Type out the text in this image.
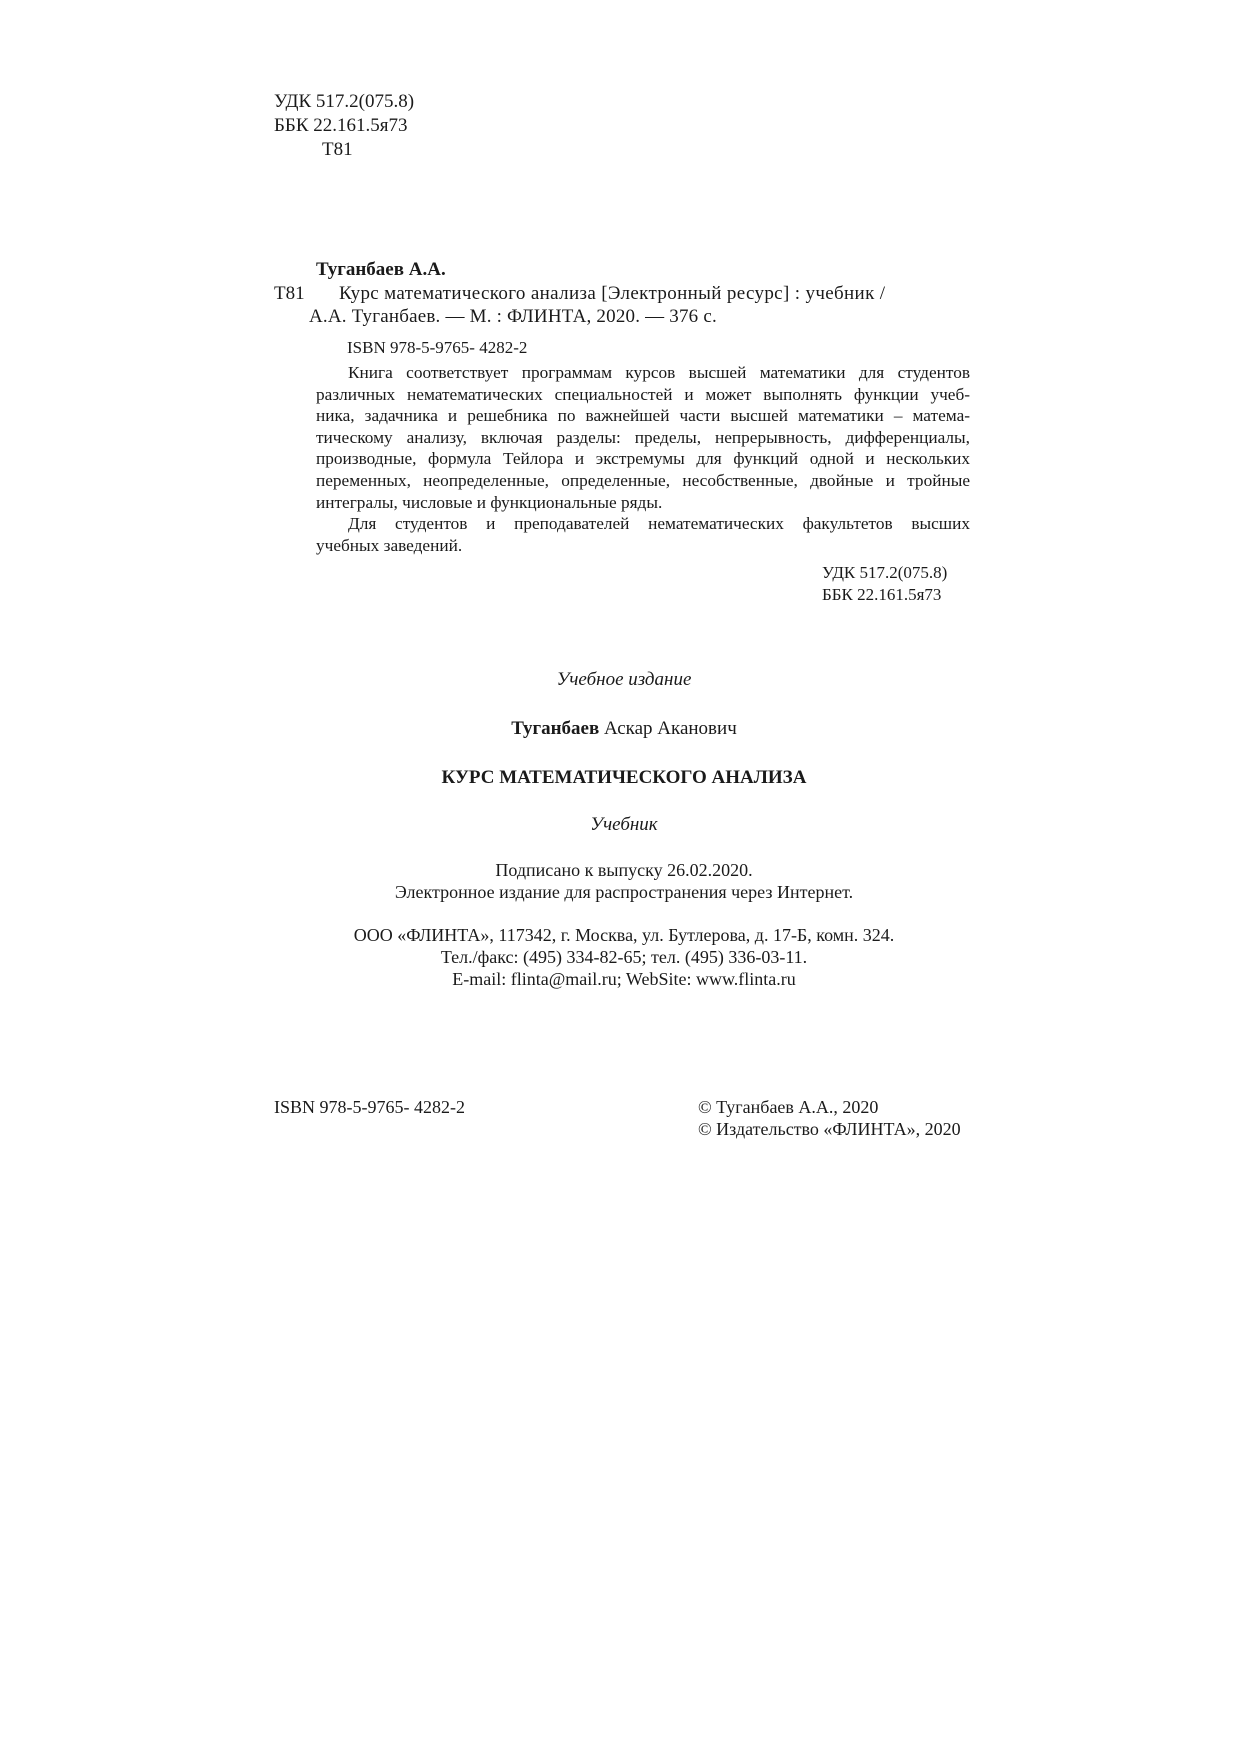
УДК 517.2(075.8)
ББК 22.161.5я73
Т81
Туганбаев А.А.
Т81 Курс математического анализа [Электронный ресурс] : учебник /
А.А. Туганбаев. — М. : ФЛИНТА, 2020. — 376 с.
ISBN 978-5-9765- 4282-2
Книга соответствует программам курсов высшей математики для студентов
различных нематематических специальностей и может выполнять функции учеб-
ника, задачника и решебника по важнейшей части высшей математики – матема-
тическому анализу, включая разделы: пределы, непрерывность, дифференциалы,
производные, формула Тейлора и экстремумы для функций одной и нескольких
переменных, неопределенные, определенные, несобственные, двойные и тройные
интегралы, числовые и функциональные ряды.
Для студентов и преподавателей нематематических факультетов высших
учебных заведений.
УДК 517.2(075.8)
ББК 22.161.5я73
Учебное издание
Туганбаев Аскар Аканович
КУРС МАТЕМАТИЧЕСКОГО АНАЛИЗА
Учебник
Подписано к выпуску 26.02.2020.
Электронное издание для распространения через Интернет.
ООО «ФЛИНТА», 117342, г. Москва, ул. Бутлерова, д. 17-Б, комн. 324.
Тел./факс: (495) 334-82-65; тел. (495) 336-03-11.
E-mail: flinta@mail.ru; WebSite: www.flinta.ru
ISBN 978-5-9765- 4282-2	© Туганбаев А.А., 2020
© Издательство «ФЛИНТА», 2020
